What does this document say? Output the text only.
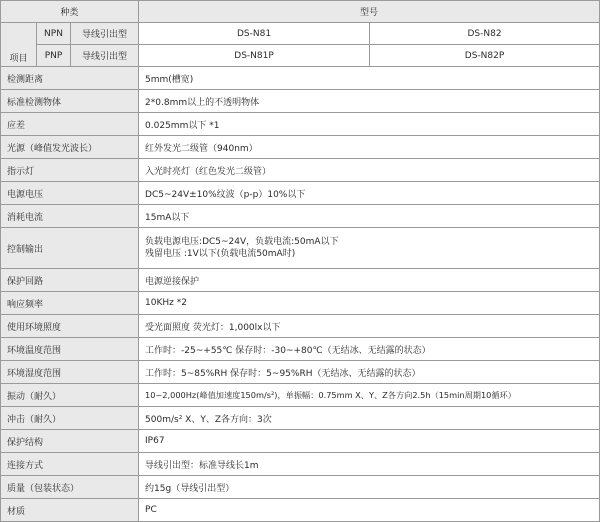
种类			型号	
项目	NPN	导线引出型	DS-N81	DS-N82
	PNP	导线引出型	DS-N81P	DS-N82P
检测距离			5mm(槽宽)	
标准检测物体			2*0.8mm以上的不透明物体	
应差			0.025mm以下 *1	
光源（峰值发光波长）			红外发光二级管（940nm）	
指示灯			入光时亮灯（红色发光二级管）	
电源电压			DC5~24V±10%纹波（p-p）10%以下	
消耗电流			15mA以下	
控制输出			负载电源电压:DC5~24V，负载电流:50mA以下
残留电压 :1V以下(负载电流50mA时)	

保护回路			电源逆接保护	
响应频率			10KHz *2	
使用环境照度			受光面照度 荧光灯：1,000lx以下	
环境温度范围			工作时：-25~+55℃ 保存时：-30~+80℃（无结冰、无结露的状态）	
环境湿度范围			工作时：5~85%RH 保存时：5~95%RH（无结冰、无结露的状态）	
振动（耐久）			10~2,000Hz(峰值加速度150m/s²)，单振幅：0.75mm X、Y、Z各方向2.5h（15min周期10循环）	
冲击（耐久）			500m/s² X、Y、Z各方向：3次	
保护结构			IP67	
连接方式			导线引出型：标准导线长1m	
质量（包装状态）			约15g（导线引出型）	
材质			PC	
